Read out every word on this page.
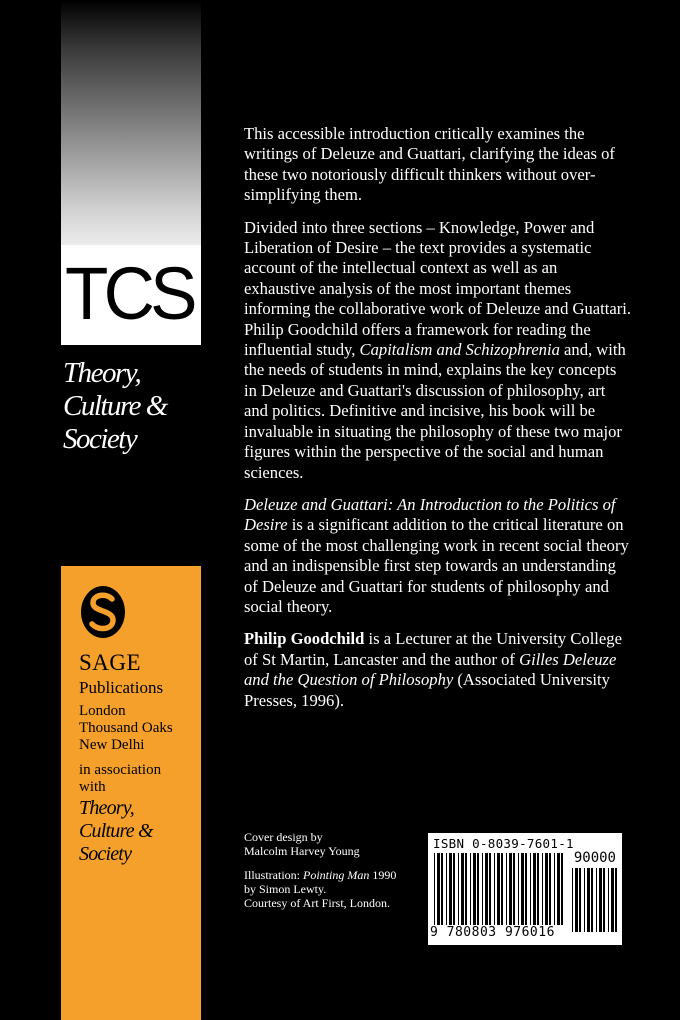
TCS
Theory,
Culture &
Society

This accessible introduction critically examines the writings of Deleuze and Guattari, clarifying the ideas of these two notoriously difficult thinkers without over-simplifying them.

Divided into three sections – Knowledge, Power and Liberation of Desire – the text provides a systematic account of the intellectual context as well as an exhaustive analysis of the most important themes informing the collaborative work of Deleuze and Guattari. Philip Goodchild offers a framework for reading the influential study, Capitalism and Schizophrenia and, with the needs of students in mind, explains the key concepts in Deleuze and Guattari's discussion of philosophy, art and politics. Definitive and incisive, his book will be invaluable in situating the philosophy of these two major figures within the perspective of the social and human sciences.

Deleuze and Guattari: An Introduction to the Politics of Desire is a significant addition to the critical literature on some of the most challenging work in recent social theory and an indispensible first step towards an understanding of Deleuze and Guattari for students of philosophy and social theory.

Philip Goodchild is a Lecturer at the University College of St Martin, Lancaster and the author of Gilles Deleuze and the Question of Philosophy (Associated University Presses, 1996).

SAGE
Publications
London
Thousand Oaks
New Delhi
in association
with
Theory,
Culture &
Society

Cover design by
Malcolm Harvey Young

Illustration: Pointing Man 1990
by Simon Lewty.
Courtesy of Art First, London.

ISBN 0-8039-7601-1
90000
9 780803 976016
